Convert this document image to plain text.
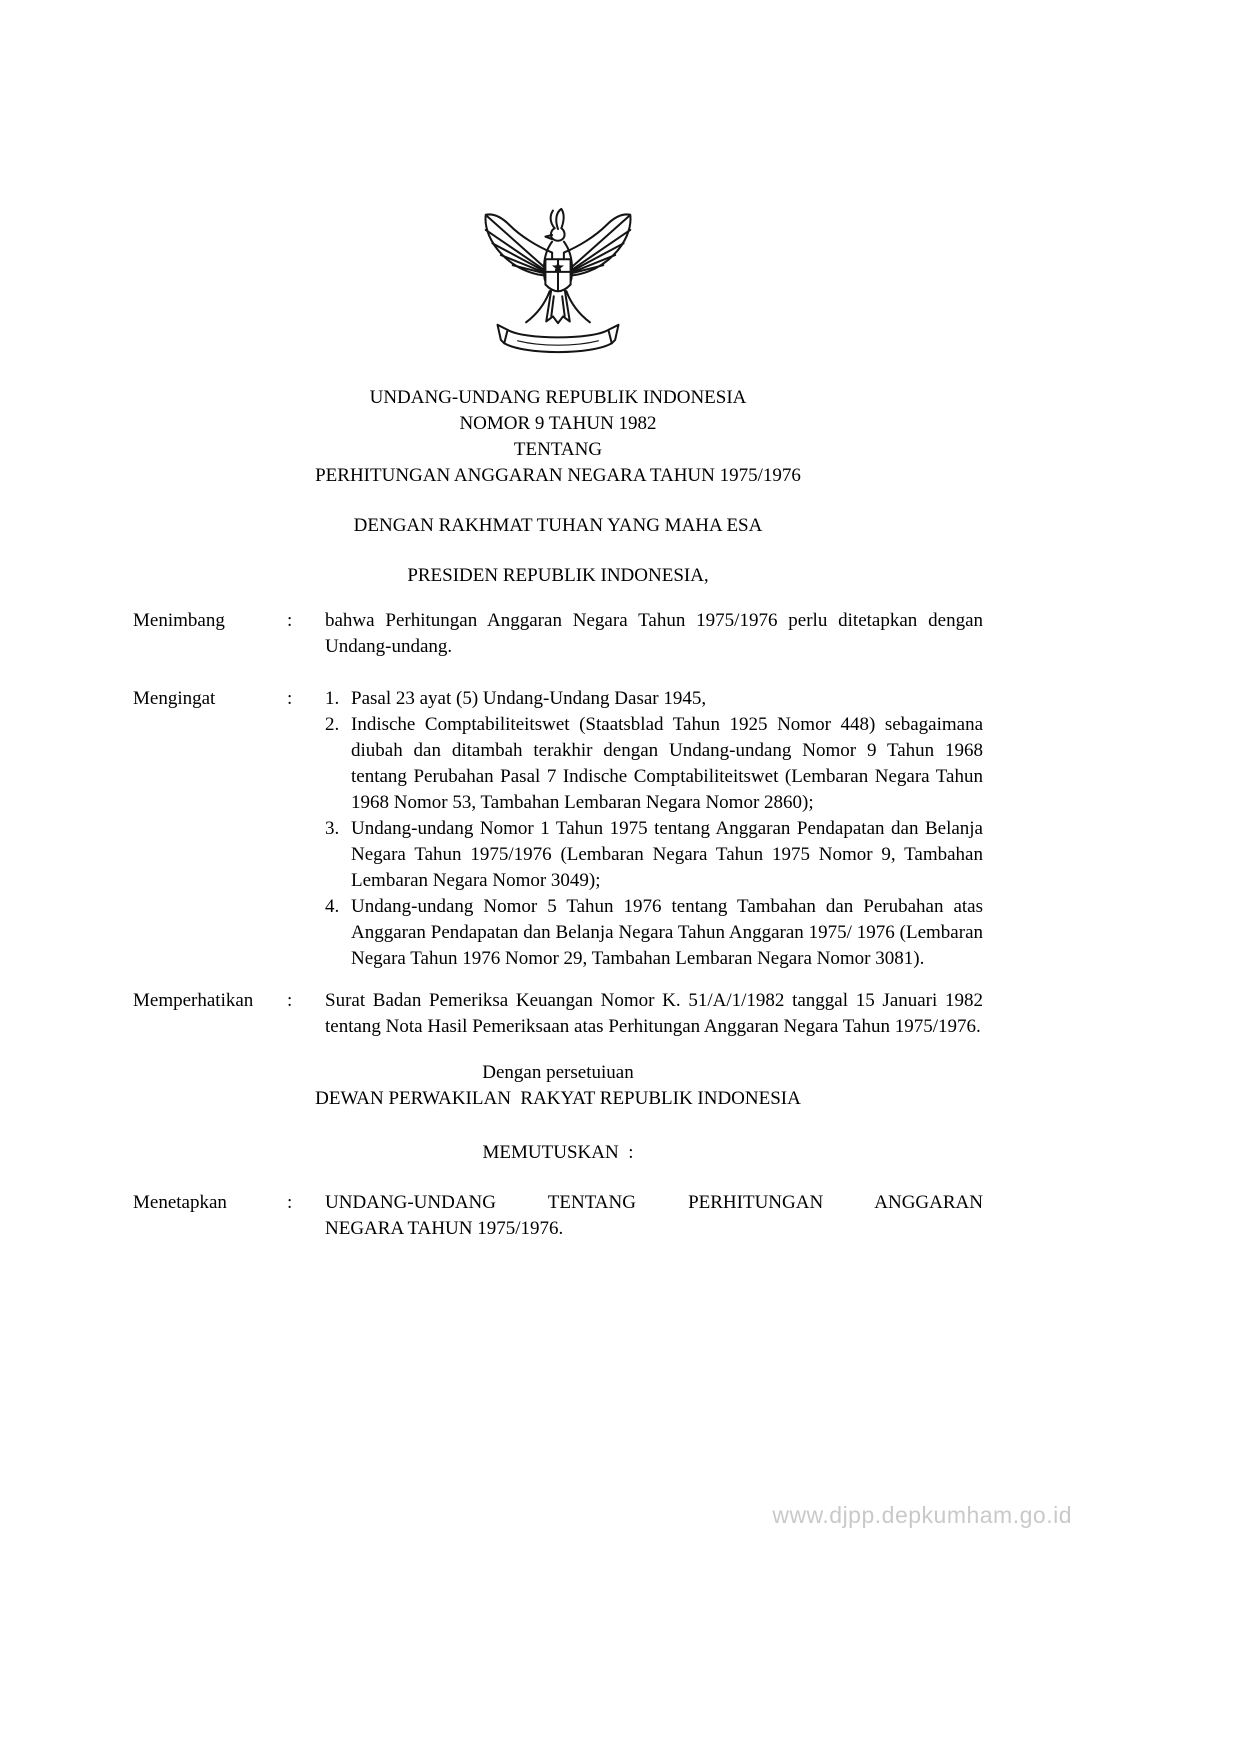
UNDANG-UNDANG REPUBLIK INDONESIA
NOMOR 9 TAHUN 1982
TENTANG
PERHITUNGAN ANGGARAN NEGARA TAHUN 1975/1976
DENGAN RAKHMAT TUHAN YANG MAHA ESA
PRESIDEN REPUBLIK INDONESIA,
Menimbang	:	bahwa Perhitungan Anggaran Negara Tahun 1975/1976 perlu ditetapkan dengan Undang-undang.
Mengingat	:	1. Pasal 23 ayat (5) Undang-Undang Dasar 1945,
2. Indische Comptabiliteitswet (Staatsblad Tahun 1925 Nomor 448) sebagaimana diubah dan ditambah terakhir dengan Undang-undang Nomor 9 Tahun 1968 tentang Perubahan Pasal 7 Indische Comptabiliteitswet (Lembaran Negara Tahun 1968 Nomor 53, Tambahan Lembaran Negara Nomor 2860);
3. Undang-undang Nomor 1 Tahun 1975 tentang Anggaran Pendapatan dan Belanja Negara Tahun 1975/1976 (Lembaran Negara Tahun 1975 Nomor 9, Tambahan Lembaran Negara Nomor 3049);
4. Undang-undang Nomor 5 Tahun 1976 tentang Tambahan dan Perubahan atas Anggaran Pendapatan dan Belanja Negara Tahun Anggaran 1975/ 1976 (Lembaran Negara Tahun 1976 Nomor 29, Tambahan Lembaran Negara Nomor 3081).
Memperhatikan	:	Surat Badan Pemeriksa Keuangan Nomor K. 51/A/1/1982 tanggal 15 Januari 1982 tentang Nota Hasil Pemeriksaan atas Perhitungan Anggaran Negara Tahun 1975/1976.
Dengan persetuiuan
DEWAN PERWAKILAN  RAKYAT REPUBLIK INDONESIA
MEMUTUSKAN  :
Menetapkan	:	UNDANG-UNDANG TENTANG PERHITUNGAN ANGGARAN
NEGARA TAHUN 1975/1976.
www.djpp.depkumham.go.id
